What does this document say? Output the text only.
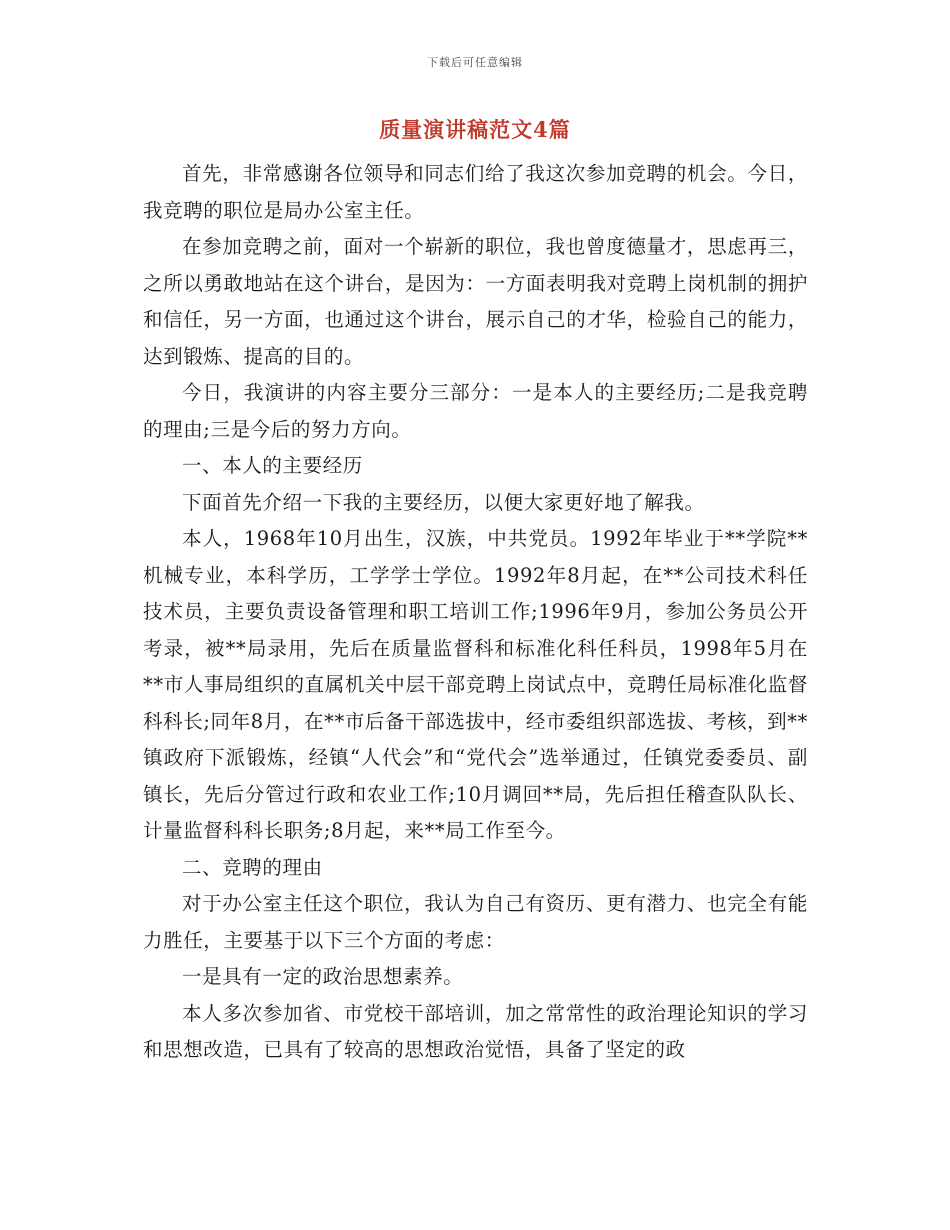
下载后可任意编辑
质量演讲稿范文4篇

首先，非常感谢各位领导和同志们给了我这次参加竞聘的机会。今日，我竞聘的职位是局办公室主任。

在参加竞聘之前，面对一个崭新的职位，我也曾度德量才，思虑再三，之所以勇敢地站在这个讲台，是因为：一方面表明我对竞聘上岗机制的拥护和信任，另一方面，也通过这个讲台，展示自己的才华，检验自己的能力，达到锻炼、提高的目的。

今日，我演讲的内容主要分三部分：一是本人的主要经历;二是我竞聘的理由;三是今后的努力方向。

一、本人的主要经历

下面首先介绍一下我的主要经历，以便大家更好地了解我。

本人，1968年10月出生，汉族，中共党员。1992年毕业于**学院**机械专业，本科学历，工学学士学位。1992年8月起，在**公司技术科任技术员，主要负责设备管理和职工培训工作;1996年9月，参加公务员公开考录，被**局录用，先后在质量监督科和标准化科任科员，1998年5月在**市人事局组织的直属机关中层干部竞聘上岗试点中，竞聘任局标准化监督科科长;同年8月，在**市后备干部选拔中，经市委组织部选拔、考核，到**镇政府下派锻炼，经镇“人代会”和“党代会”选举通过，任镇党委委员、副镇长，先后分管过行政和农业工作;10月调回**局，先后担任稽查队队长、计量监督科科长职务;8月起，来**局工作至今。

二、竞聘的理由

对于办公室主任这个职位，我认为自己有资历、更有潜力、也完全有能力胜任，主要基于以下三个方面的考虑：

一是具有一定的政治思想素养。

本人多次参加省、市党校干部培训，加之常常性的政治理论知识的学习和思想改造，已具有了较高的思想政治觉悟，具备了坚定的政
